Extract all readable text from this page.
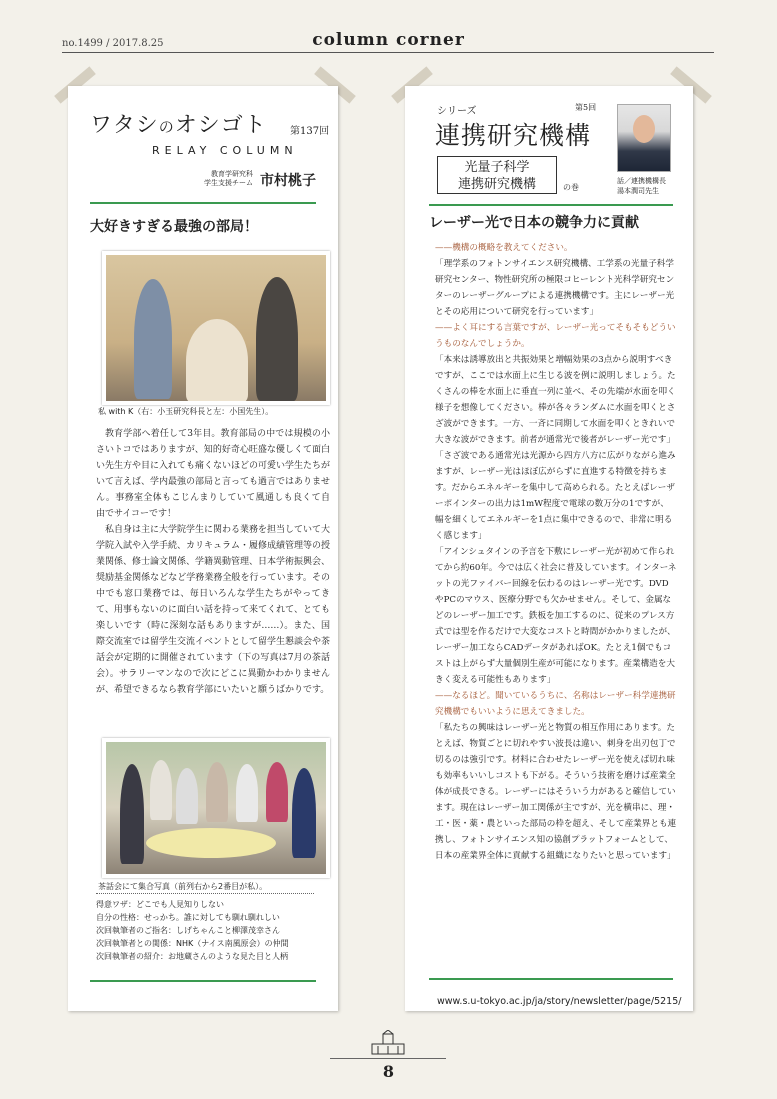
no.1499 / 2017.8.25	column corner
ワタシのオシゴト 第137回
RELAY COLUMN
教育学研究科
学生支援チーム 市村桃子
大好きすぎる最強の部局！
私 with K（右：小玉研究科長と左：小国先生）。

教育学部へ着任して3年目。教育部局の中では規模の小さいトコではありますが、知的好奇心旺盛な優しくて面白い先生方や目に入れても痛くないほどの可愛い学生たちがいて言えば、学内最強の部局と言っても過言ではありません。事務室全体もこじんまりしていて風通しも良くて自由でサイコーです！

私自身は主に大学院学生に関わる業務を担当していて大学院入試や入学手続、カリキュラム・履修成績管理等の授業関係、修士論文関係、学籍異動管理、日本学術振興会、奨励基金関係などなど学務業務全般を行っています。その中でも窓口業務では、毎日いろんな学生たちがやってきて、用事もないのに面白い話を持って来てくれて、とても楽しいです（時に深刻な話もありますが……）。また、国際交流室では留学生交流イベントとして留学生懇談会や茶話会が定期的に開催されています（下の写真は7月の茶話会）。サラリーマンなので次にどこに異動かわかりませんが、希望できるなら教育学部にいたいと願うばかりです。

茶話会にて集合写真（前列右から2番目が私）。
得意ワザ：どこでも人見知りしない
自分の性格：せっかち。誰に対しても馴れ馴れしい
次回執筆者のご指名：しげちゃんこと柳澤茂幸さん
次回執筆者との関係：NHK（ナイス南風原会）の仲間
次回執筆者の紹介：お地蔵さんのような見た目と人柄
シリーズ	第5回
連携研究機構
光量子科学
連携研究機構	の巻
話／連携機構長
湯本潤司先生
レーザー光で日本の競争力に貢献

——機構の概略を教えてください。

「理学系のフォトンサイエンス研究機構、工学系の光量子科学研究センター、物性研究所の極限コヒーレント光科学研究センターのレーザーグループによる連携機構です。主にレーザー光とその応用について研究を行っています」

——よく耳にする言葉ですが、レーザー光ってそもそもどういうものなんでしょうか。

「本来は誘導放出と共振効果と増幅効果の3点から説明すべきですが、ここでは水面上に生じる波を例に説明しましょう。たくさんの棒を水面上に垂直一列に並べ、その先端が水面を叩く様子を想像してください。棒が各々ランダムに水面を叩くとさざ波ができます。一方、一斉に同期して水面を叩くときれいで大きな波ができます。前者が通常光で後者がレーザー光です」

「さざ波である通常光は光源から四方八方に広がりながら進みますが、レーザー光はほぼ広がらずに直進する特徴を持ちます。だからエネルギーを集中して高められる。たとえばレーザーポインターの出力は1mW程度で電球の数万分の1ですが、幅を細くしてエネルギーを1点に集中できるので、非常に明るく感じます」

「アインシュタインの予言を下敷にレーザー光が初めて作られてから約60年。今では広く社会に普及しています。インターネットの光ファイバー回線を伝わるのはレーザー光です。DVDやPCのマウス、医療分野でも欠かせません。そして、金属などのレーザー加工です。鉄板を加工するのに、従来のプレス方式では型を作るだけで大変なコストと時間がかかりましたが、レーザー加工ならCADデータがあればOK。たとえ1個でもコストは上がらず大量個別生産が可能になります。産業構造を大きく変える可能性もあります」

——なるほど。聞いているうちに、名称はレーザー科学連携研究機構でもいいように思えてきました。

「私たちの興味はレーザー光と物質の相互作用にあります。たとえば、物質ごとに切れやすい波長は違い、刺身を出刃包丁で切るのは強引です。材料に合わせたレーザー光を使えば切れ味も効率もいいしコストも下がる。そういう技術を磨けば産業全体が成長できる。レーザーにはそういう力があると確信しています。現在はレーザー加工関係が主ですが、光を横串に、理・工・医・薬・農といった部局の枠を超え、そして産業界とも連携し、フォトンサイエンス知の協創プラットフォームとして、日本の産業界全体に貢献する組織になりたいと思っています」

www.s.u-tokyo.ac.jp/ja/story/newsletter/page/5215/
8
